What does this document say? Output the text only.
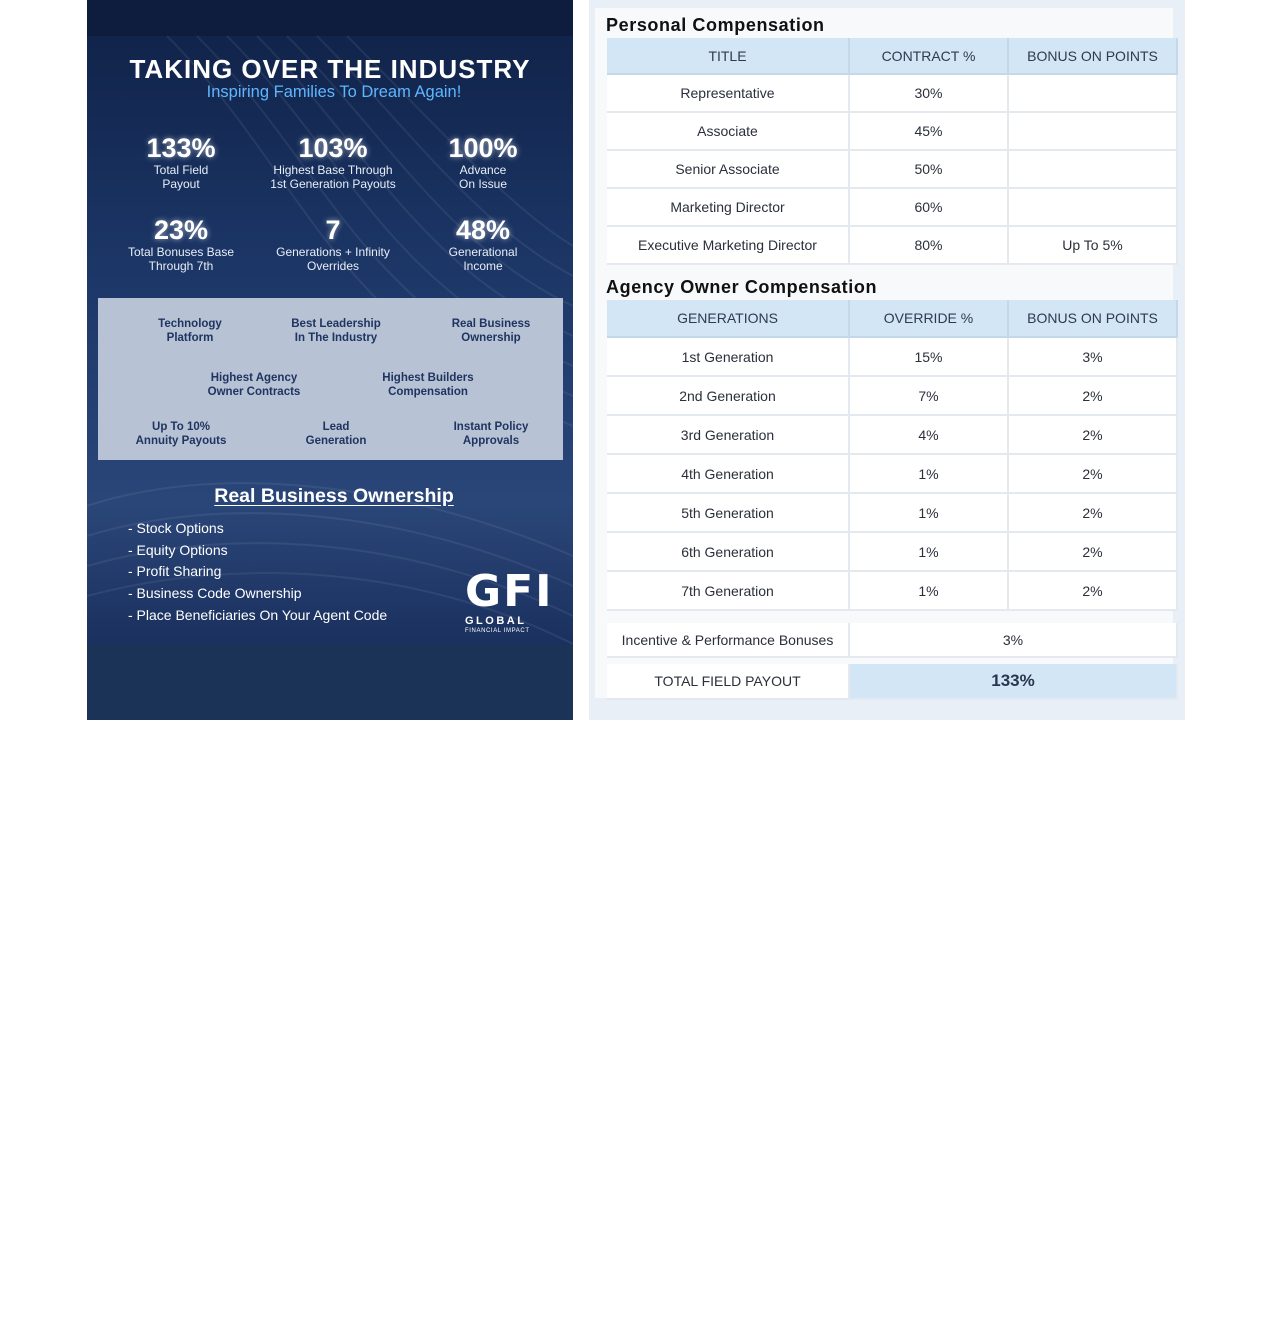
TAKING OVER THE INDUSTRY
Inspiring Families To Dream Again!
133%
Total Field
Payout
103%
Highest Base Through
1st Generation Payouts
100%
Advance
On Issue
23%
Total Bonuses Base
Through 7th
7
Generations + Infinity
Overrides
48%
Generational
Income
Technology
Platform
Best Leadership
In The Industry
Real Business
Ownership
Highest Agency
Owner Contracts
Highest Builders
Compensation
Up To 10%
Annuity Payouts
Lead
Generation
Instant Policy
Approvals
Real Business Ownership
- Stock Options
- Equity Options
- Profit Sharing
- Business Code Ownership
- Place Beneficiaries On Your Agent Code GFI
GLOBAL
FINANCIAL IMPACT
@gficonnect
Personal Compensation
TITLE	CONTRACT %	BONUS ON POINTS
Representative	30%
Associate	45%
Senior Associate	50%
Marketing Director	60%
Executive Marketing Director	80%	Up To 5%
Agency Owner Compensation
GENERATIONS	OVERRIDE %	BONUS ON POINTS
1st Generation	15%	3%
2nd Generation	7%	2%
3rd Generation	4%	2%
4th Generation	1%	2%
5th Generation	1%	2%
6th Generation	1%	2%
7th Generation	1%	2%
Incentive & Performance Bonuses	3%
TOTAL FIELD PAYOUT	133%
